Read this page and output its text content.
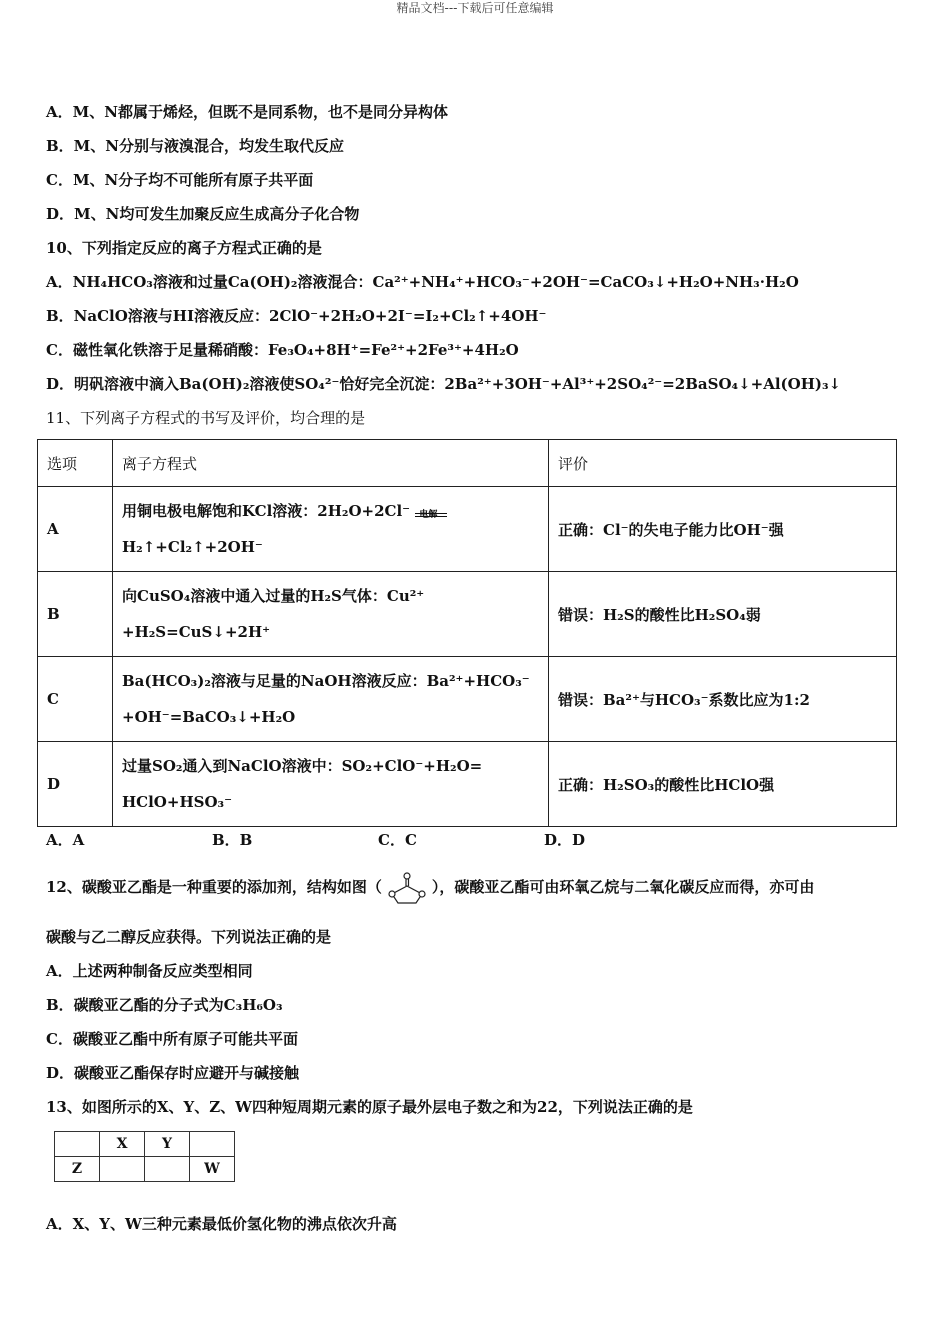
精品文档---下载后可任意编辑
A．M、N都属于烯烃，但既不是同系物，也不是同分异构体
B．M、N分别与液溴混合，均发生取代反应
C．M、N分子均不可能所有原子共平面
D．M、N均可发生加聚反应生成高分子化合物
10、下列指定反应的离子方程式正确的是
A．NH₄HCO₃溶液和过量Ca(OH)₂溶液混合：Ca²⁺+NH₄⁺+HCO₃⁻+2OH⁻=CaCO₃↓+H₂O+NH₃·H₂O
B．NaClO溶液与HI溶液反应：2ClO⁻+2H₂O+2I⁻=I₂+Cl₂↑+4OH⁻
C．磁性氧化铁溶于足量稀硝酸：Fe₃O₄+8H⁺=Fe²⁺+2Fe³⁺+4H₂O
D．明矾溶液中滴入Ba(OH)₂溶液使SO₄²⁻恰好完全沉淀：2Ba²⁺+3OH⁻+Al³⁺+2SO₄²⁻=2BaSO₄↓+Al(OH)₃↓
11、下列离子方程式的书写及评价，均合理的是
选项	离子方程式	评价
A	用铜电极电解饱和KCl溶液：2H₂O+2Cl⁻ 电解

H₂↑+Cl₂↑+2OH⁻	正确：Cl⁻的失电子能力比OH⁻强
B	向CuSO₄溶液中通入过量的H₂S气体：Cu²⁺
+H₂S=CuS↓+2H⁺	错误：H₂S的酸性比H₂SO₄弱
C	Ba(HCO₃)₂溶液与足量的NaOH溶液反应：Ba²⁺+HCO₃⁻
+OH⁻=BaCO₃↓+H₂O	错误：Ba²⁺与HCO₃⁻系数比应为1:2
D	过量SO₂通入到NaClO溶液中：SO₂+ClO⁻+H₂O=
HClO+HSO₃⁻	正确：H₂SO₃的酸性比HClO强
A．A	B．B	C．C	D．D
12、碳酸亚乙酯是一种重要的添加剂，结构如图（	），碳酸亚乙酯可由环氧乙烷与二氧化碳反应而得，亦可由
碳酸与乙二醇反应获得。下列说法正确的是
A．上述两种制备反应类型相同
B．碳酸亚乙酯的分子式为C₃H₆O₃
C．碳酸亚乙酯中所有原子可能共平面
D．碳酸亚乙酯保存时应避开与碱接触
13、如图所示的X、Y、Z、W四种短周期元素的原子最外层电子数之和为22，下列说法正确的是
	X	Y	
Z			W
A．X、Y、W三种元素最低价氢化物的沸点依次升高
